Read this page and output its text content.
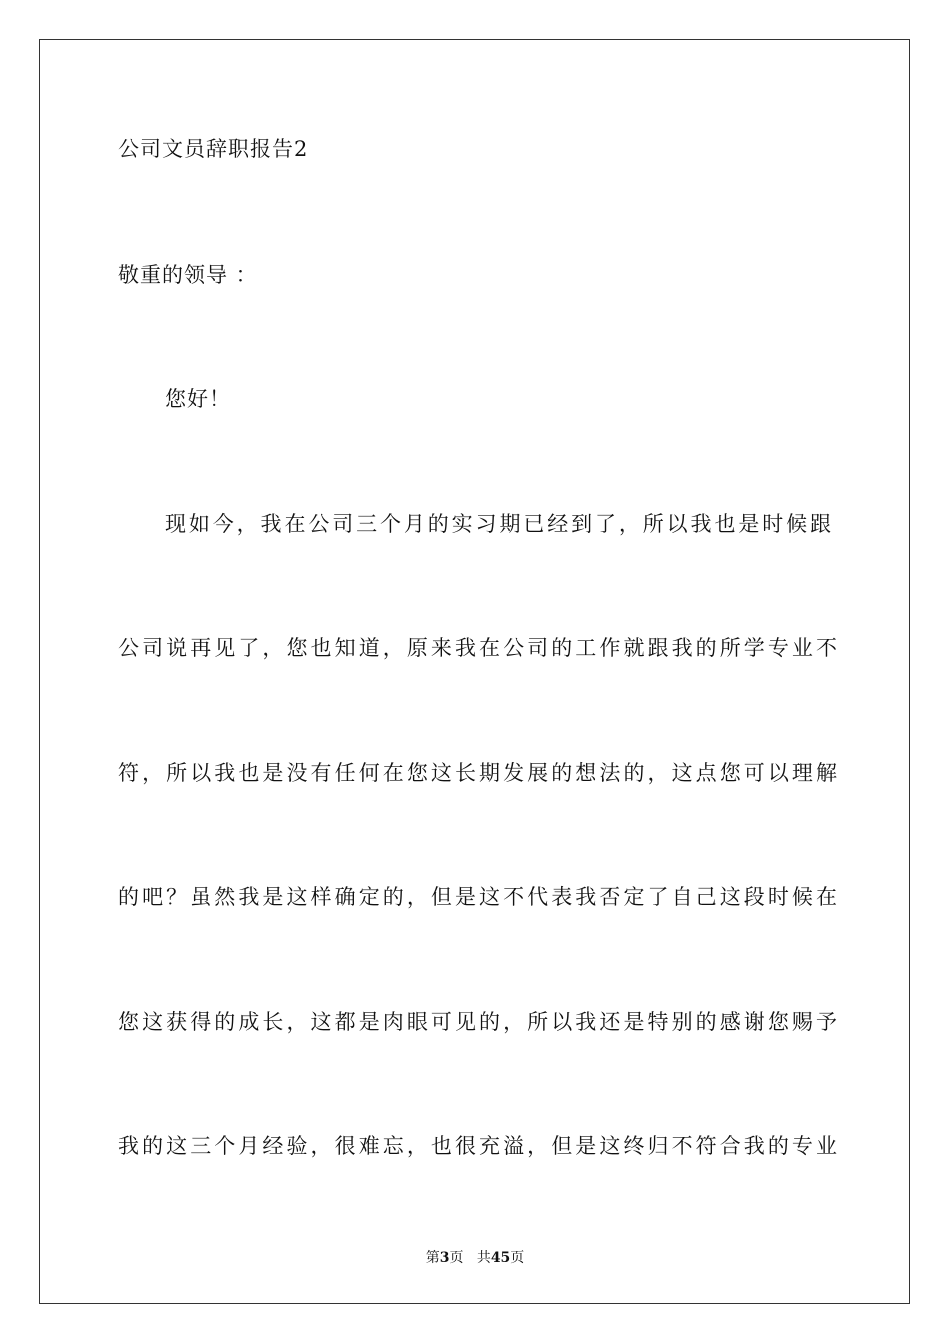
公司文员辞职报告2
敬重的领导 ：
您好！
现如今，我在公司三个月的实习期已经到了，所以我也是时候跟
公司说再见了，您也知道，原来我在公司的工作就跟我的所学专业不
符，所以我也是没有任何在您这长期发展的想法的，这点您可以理解
的吧？虽然我是这样确定的，但是这不代表我否定了自己这段时候在
您这获得的成长，这都是肉眼可见的，所以我还是特别的感谢您赐予
我的这三个月经验，很难忘，也很充溢，但是这终归不符合我的专业
第3页 共45页
